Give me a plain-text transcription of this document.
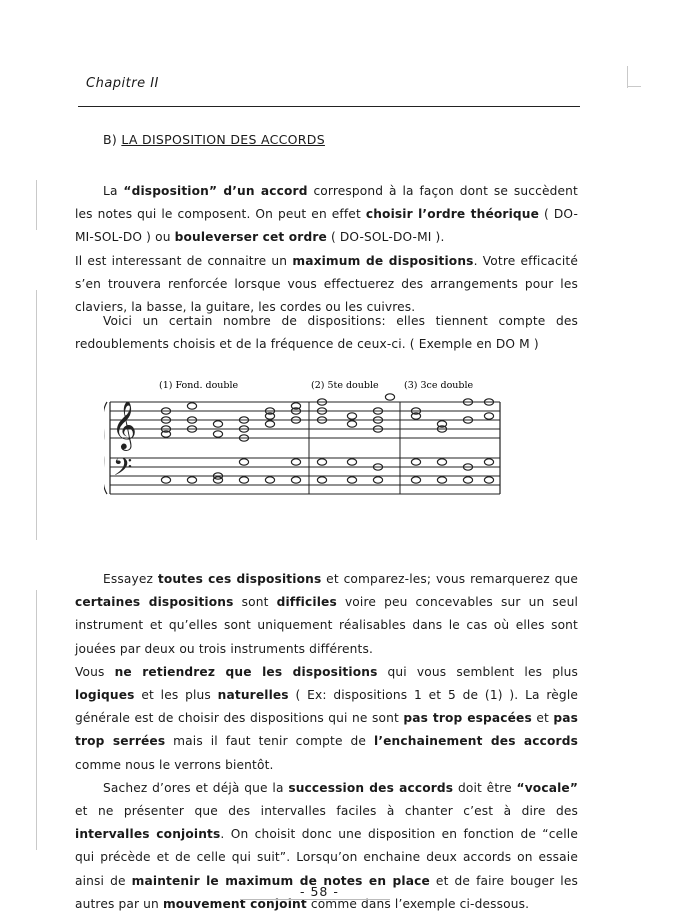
Chapitre II
B) LA DISPOSITION DES ACCORDS

La “disposition” d’un accord correspond à la façon dont se succèdent les notes qui le composent. On peut en effet choisir l’ordre théorique ( DO-MI-SOL-DO ) ou bouleverser cet ordre ( DO-SOL-DO-MI ).

Il est interessant de connaitre un maximum de dispositions. Votre efficacité s’en trouvera renforcée lorsque vous effectuerez des arrangements pour les claviers, la basse, la guitare, les cordes ou les cuivres.

Voici un certain nombre de dispositions: elles tiennent compte des redoublements choisis et de la fréquence de ceux-ci. ( Exemple en DO M )

(1) Fond. double	(2) 5te double	(3) 3ce double
𝄞
𝄢

Essayez toutes ces dispositions et comparez-les; vous remarquerez que certaines dispositions sont difficiles voire peu concevables sur un seul instrument et qu’elles sont uniquement réalisables dans le cas où elles sont jouées par deux ou trois instruments différents.

Vous ne retiendrez que les dispositions qui vous semblent les plus logiques et les plus naturelles ( Ex: dispositions 1 et 5 de (1) ). La règle générale est de choisir des dispositions qui ne sont pas trop espacées et pas trop serrées mais il faut tenir compte de l’enchainement des accords comme nous le verrons bientôt.

Sachez d’ores et déjà que la succession des accords doit être “vocale” et ne présenter que des intervalles faciles à chanter c’est à dire des intervalles conjoints. On choisit donc une disposition en fonction de “celle qui précède et de celle qui suit”. Lorsqu’on enchaine deux accords on essaie ainsi de maintenir le maximum de notes en place et de faire bouger les autres par un mouvement conjoint comme dans l’exemple ci-dessous.

- 58 -
